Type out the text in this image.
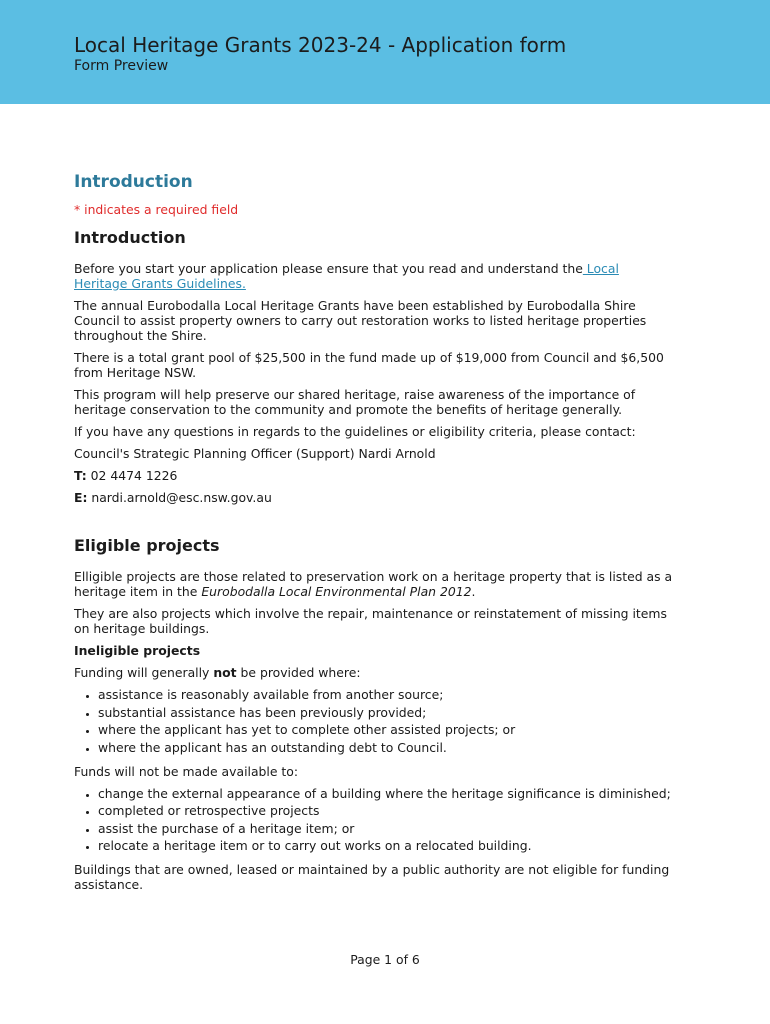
Local Heritage Grants 2023-24 - Application form
Form Preview
Introduction
* indicates a required field
Introduction

Before you start your application please ensure that you read and understand the Local Heritage Grants Guidelines.

The annual Eurobodalla Local Heritage Grants have been established by Eurobodalla Shire Council to assist property owners to carry out restoration works to listed heritage properties throughout the Shire.

There is a total grant pool of $25,500 in the fund made up of $19,000 from Council and $6,500 from Heritage NSW.

This program will help preserve our shared heritage, raise awareness of the importance of heritage conservation to the community and promote the benefits of heritage generally.

If you have any questions in regards to the guidelines or eligibility criteria, please contact:

Council's Strategic Planning Officer (Support) Nardi Arnold

T: 02 4474 1226

E: nardi.arnold@esc.nsw.gov.au

Eligible projects

Elligible projects are those related to preservation work on a heritage property that is listed as a heritage item in the Eurobodalla Local Environmental Plan 2012.

They are also projects which involve the repair, maintenance or reinstatement of missing items on heritage buildings.

Ineligible projects

Funding will generally not be provided where:

• assistance is reasonably available from another source;
• substantial assistance has been previously provided;
• where the applicant has yet to complete other assisted projects; or
• where the applicant has an outstanding debt to Council.

Funds will not be made available to:

• change the external appearance of a building where the heritage significance is diminished;
• completed or retrospective projects
• assist the purchase of a heritage item; or
• relocate a heritage item or to carry out works on a relocated building.

Buildings that are owned, leased or maintained by a public authority are not eligible for funding assistance.

Page 1 of 6
